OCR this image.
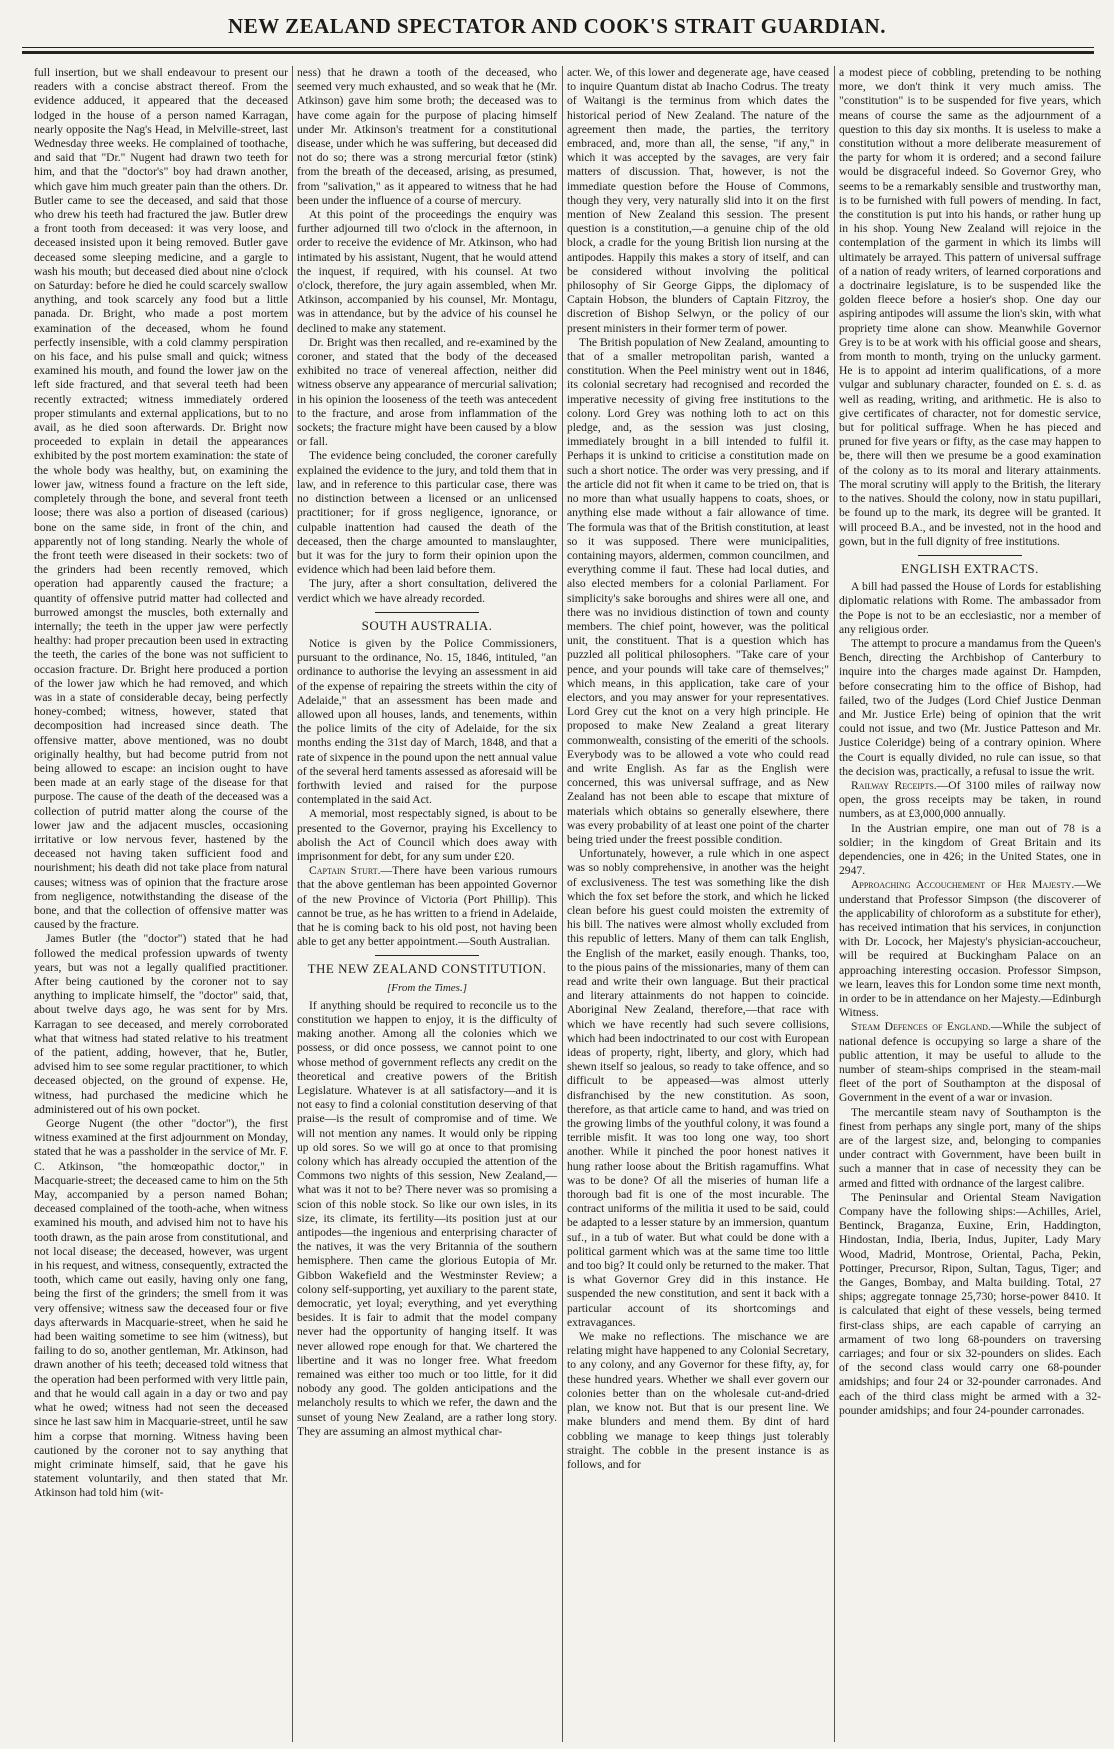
NEW ZEALAND SPECTATOR AND COOK'S STRAIT GUARDIAN.

full insertion, but we shall endeavour to present our readers with a concise abstract thereof. From the evidence adduced, it appeared that the deceased lodged in the house of a person named Karragan, nearly opposite the Nag's Head, in Melville-street, last Wednesday three weeks. He complained of toothache, and said that "Dr." Nugent had drawn two teeth for him, and that the "doctor's" boy had drawn another, which gave him much greater pain than the others. Dr. Butler came to see the deceased, and said that those who drew his teeth had fractured the jaw. Butler drew a front tooth from deceased: it was very loose, and deceased insisted upon it being removed. Butler gave deceased some sleeping medicine, and a gargle to wash his mouth; but deceased died about nine o'clock on Saturday: before he died he could scarcely swallow anything, and took scarcely any food but a little panada. Dr. Bright, who made a post mortem examination of the deceased, whom he found perfectly insensible, with a cold clammy perspiration on his face, and his pulse small and quick; witness examined his mouth, and found the lower jaw on the left side fractured, and that several teeth had been recently extracted; witness immediately ordered proper stimulants and external applications, but to no avail, as he died soon afterwards. Dr. Bright now proceeded to explain in detail the appearances exhibited by the post mortem examination: the state of the whole body was healthy, but, on examining the lower jaw, witness found a fracture on the left side, completely through the bone, and several front teeth loose; there was also a portion of diseased (carious) bone on the same side, in front of the chin, and apparently not of long standing. Nearly the whole of the front teeth were diseased in their sockets: two of the grinders had been recently removed, which operation had apparently caused the fracture; a quantity of offensive putrid matter had collected and burrowed amongst the muscles, both externally and internally; the teeth in the upper jaw were perfectly healthy: had proper precaution been used in extracting the teeth, the caries of the bone was not sufficient to occasion fracture. Dr. Bright here produced a portion of the lower jaw which he had removed, and which was in a state of considerable decay, being perfectly honey-combed; witness, however, stated that decomposition had increased since death. The offensive matter, above mentioned, was no doubt originally healthy, but had become putrid from not being allowed to escape: an incision ought to have been made at an early stage of the disease for that purpose. The cause of the death of the deceased was a collection of putrid matter along the course of the lower jaw and the adjacent muscles, occasioning irritative or low nervous fever, hastened by the deceased not having taken sufficient food and nourishment; his death did not take place from natural causes; witness was of opinion that the fracture arose from negligence, notwithstanding the disease of the bone, and that the collection of offensive matter was caused by the fracture.

James Butler (the "doctor") stated that he had followed the medical profession upwards of twenty years, but was not a legally qualified practitioner. After being cautioned by the coroner not to say anything to implicate himself, the "doctor" said, that, about twelve days ago, he was sent for by Mrs. Karragan to see deceased, and merely corroborated what that witness had stated relative to his treatment of the patient, adding, however, that he, Butler, advised him to see some regular practitioner, to which deceased objected, on the ground of expense. He, witness, had purchased the medicine which he administered out of his own pocket.

George Nugent (the other "doctor"), the first witness examined at the first adjournment on Monday, stated that he was a passholder in the service of Mr. F. C. Atkinson, "the homœopathic doctor," in Macquarie-street; the deceased came to him on the 5th May, accompanied by a person named Bohan; deceased complained of the tooth-ache, when witness examined his mouth, and advised him not to have his tooth drawn, as the pain arose from constitutional, and not local disease; the deceased, however, was urgent in his request, and witness, consequently, extracted the tooth, which came out easily, having only one fang, being the first of the grinders; the smell from it was very offensive; witness saw the deceased four or five days afterwards in Macquarie-street, when he said he had been waiting sometime to see him (witness), but failing to do so, another gentleman, Mr. Atkinson, had drawn another of his teeth; deceased told witness that the operation had been performed with very little pain, and that he would call again in a day or two and pay what he owed; witness had not seen the deceased since he last saw him in Macquarie-street, until he saw him a corpse that morning. Witness having been cautioned by the coroner not to say anything that might criminate himself, said, that he gave his statement voluntarily, and then stated that Mr. Atkinson had told him (wit-

ness) that he drawn a tooth of the deceased, who seemed very much exhausted, and so weak that he (Mr. Atkinson) gave him some broth; the deceased was to have come again for the purpose of placing himself under Mr. Atkinson's treatment for a constitutional disease, under which he was suffering, but deceased did not do so; there was a strong mercurial fœtor (stink) from the breath of the deceased, arising, as presumed, from "salivation," as it appeared to witness that he had been under the influence of a course of mercury.

At this point of the proceedings the enquiry was further adjourned till two o'clock in the afternoon, in order to receive the evidence of Mr. Atkinson, who had intimated by his assistant, Nugent, that he would attend the inquest, if required, with his counsel. At two o'clock, therefore, the jury again assembled, when Mr. Atkinson, accompanied by his counsel, Mr. Montagu, was in attendance, but by the advice of his counsel he declined to make any statement.

Dr. Bright was then recalled, and re-examined by the coroner, and stated that the body of the deceased exhibited no trace of venereal affection, neither did witness observe any appearance of mercurial salivation; in his opinion the looseness of the teeth was antecedent to the fracture, and arose from inflammation of the sockets; the fracture might have been caused by a blow or fall.

The evidence being concluded, the coroner carefully explained the evidence to the jury, and told them that in law, and in reference to this particular case, there was no distinction between a licensed or an unlicensed practitioner; for if gross negligence, ignorance, or culpable inattention had caused the death of the deceased, then the charge amounted to manslaughter, but it was for the jury to form their opinion upon the evidence which had been laid before them.

The jury, after a short consultation, delivered the verdict which we have already recorded.

SOUTH AUSTRALIA.

Notice is given by the Police Commissioners, pursuant to the ordinance, No. 15, 1846, intituled, "an ordinance to authorise the levying an assessment in aid of the expense of repairing the streets within the city of Adelaide," that an assessment has been made and allowed upon all houses, lands, and tenements, within the police limits of the city of Adelaide, for the six months ending the 31st day of March, 1848, and that a rate of sixpence in the pound upon the nett annual value of the several herd taments assessed as aforesaid will be forthwith levied and raised for the purpose contemplated in the said Act.

A memorial, most respectably signed, is about to be presented to the Governor, praying his Excellency to abolish the Act of Council which does away with imprisonment for debt, for any sum under £20.

Captain Sturt.—There have been various rumours that the above gentleman has been appointed Governor of the new Province of Victoria (Port Phillip). This cannot be true, as he has written to a friend in Adelaide, that he is coming back to his old post, not having been able to get any better appointment.—South Australian.

THE NEW ZEALAND CONSTITUTION.
[From the Times.]

If anything should be required to reconcile us to the constitution we happen to enjoy, it is the difficulty of making another. Among all the colonies which we possess, or did once possess, we cannot point to one whose method of government reflects any credit on the theoretical and creative powers of the British Legislature. Whatever is at all satisfactory—and it is not easy to find a colonial constitution deserving of that praise—is the result of compromise and of time. We will not mention any names. It would only be ripping up old sores. So we will go at once to that promising colony which has already occupied the attention of the Commons two nights of this session, New Zealand,—what was it not to be? There never was so promising a scion of this noble stock. So like our own isles, in its size, its climate, its fertility—its position just at our antipodes—the ingenious and enterprising character of the natives, it was the very Britannia of the southern hemisphere. Then came the glorious Eutopia of Mr. Gibbon Wakefield and the Westminster Review; a colony self-supporting, yet auxiliary to the parent state, democratic, yet loyal; everything, and yet everything besides. It is fair to admit that the model company never had the opportunity of hanging itself. It was never allowed rope enough for that. We chartered the libertine and it was no longer free. What freedom remained was either too much or too little, for it did nobody any good. The golden anticipations and the melancholy results to which we refer, the dawn and the sunset of young New Zealand, are a rather long story. They are assuming an almost mythical char-

acter. We, of this lower and degenerate age, have ceased to inquire Quantum distat ab Inacho Codrus. The treaty of Waitangi is the terminus from which dates the historical period of New Zealand. The nature of the agreement then made, the parties, the territory embraced, and, more than all, the sense, "if any," in which it was accepted by the savages, are very fair matters of discussion. That, however, is not the immediate question before the House of Commons, though they very, very naturally slid into it on the first mention of New Zealand this session. The present question is a constitution,—a genuine chip of the old block, a cradle for the young British lion nursing at the antipodes. Happily this makes a story of itself, and can be considered without involving the political philosophy of Sir George Gipps, the diplomacy of Captain Hobson, the blunders of Captain Fitzroy, the discretion of Bishop Selwyn, or the policy of our present ministers in their former term of power.

The British population of New Zealand, amounting to that of a smaller metropolitan parish, wanted a constitution. When the Peel ministry went out in 1846, its colonial secretary had recognised and recorded the imperative necessity of giving free institutions to the colony. Lord Grey was nothing loth to act on this pledge, and, as the session was just closing, immediately brought in a bill intended to fulfil it. Perhaps it is unkind to criticise a constitution made on such a short notice. The order was very pressing, and if the article did not fit when it came to be tried on, that is no more than what usually happens to coats, shoes, or anything else made without a fair allowance of time. The formula was that of the British constitution, at least so it was supposed. There were municipalities, containing mayors, aldermen, common councilmen, and everything comme il faut. These had local duties, and also elected members for a colonial Parliament. For simplicity's sake boroughs and shires were all one, and there was no invidious distinction of town and county members. The chief point, however, was the political unit, the constituent. That is a question which has puzzled all political philosophers. "Take care of your pence, and your pounds will take care of themselves;" which means, in this application, take care of your electors, and you may answer for your representatives. Lord Grey cut the knot on a very high principle. He proposed to make New Zealand a great literary commonwealth, consisting of the emeriti of the schools. Everybody was to be allowed a vote who could read and write English. As far as the English were concerned, this was universal suffrage, and as New Zealand has not been able to escape that mixture of materials which obtains so generally elsewhere, there was every probability of at least one point of the charter being tried under the freest possible condition.

Unfortunately, however, a rule which in one aspect was so nobly comprehensive, in another was the height of exclusiveness. The test was something like the dish which the fox set before the stork, and which he licked clean before his guest could moisten the extremity of his bill. The natives were almost wholly excluded from this republic of letters. Many of them can talk English, the English of the market, easily enough. Thanks, too, to the pious pains of the missionaries, many of them can read and write their own language. But their practical and literary attainments do not happen to coincide. Aboriginal New Zealand, therefore,—that race with which we have recently had such severe collisions, which had been indoctrinated to our cost with European ideas of property, right, liberty, and glory, which had shewn itself so jealous, so ready to take offence, and so difficult to be appeased—was almost utterly disfranchised by the new constitution. As soon, therefore, as that article came to hand, and was tried on the growing limbs of the youthful colony, it was found a terrible misfit. It was too long one way, too short another. While it pinched the poor honest natives it hung rather loose about the British ragamuffins. What was to be done? Of all the miseries of human life a thorough bad fit is one of the most incurable. The contract uniforms of the militia it used to be said, could be adapted to a lesser stature by an immersion, quantum suf., in a tub of water. But what could be done with a political garment which was at the same time too little and too big? It could only be returned to the maker. That is what Governor Grey did in this instance. He suspended the new constitution, and sent it back with a particular account of its shortcomings and extravagances.

We make no reflections. The mischance we are relating might have happened to any Colonial Secretary, to any colony, and any Governor for these fifty, ay, for these hundred years. Whether we shall ever govern our colonies better than on the wholesale cut-and-dried plan, we know not. But that is our present line. We make blunders and mend them. By dint of hard cobbling we manage to keep things just tolerably straight. The cobble in the present instance is as follows, and for

a modest piece of cobbling, pretending to be nothing more, we don't think it very much amiss. The "constitution" is to be suspended for five years, which means of course the same as the adjournment of a question to this day six months. It is useless to make a constitution without a more deliberate measurement of the party for whom it is ordered; and a second failure would be disgraceful indeed. So Governor Grey, who seems to be a remarkably sensible and trustworthy man, is to be furnished with full powers of mending. In fact, the constitution is put into his hands, or rather hung up in his shop. Young New Zealand will rejoice in the contemplation of the garment in which its limbs will ultimately be arrayed. This pattern of universal suffrage of a nation of ready writers, of learned corporations and a doctrinaire legislature, is to be suspended like the golden fleece before a hosier's shop. One day our aspiring antipodes will assume the lion's skin, with what propriety time alone can show. Meanwhile Governor Grey is to be at work with his official goose and shears, from month to month, trying on the unlucky garment. He is to appoint ad interim qualifications, of a more vulgar and sublunary character, founded on £. s. d. as well as reading, writing, and arithmetic. He is also to give certificates of character, not for domestic service, but for political suffrage. When he has pieced and pruned for five years or fifty, as the case may happen to be, there will then we presume be a good examination of the colony as to its moral and literary attainments. The moral scrutiny will apply to the British, the literary to the natives. Should the colony, now in statu pupillari, be found up to the mark, its degree will be granted. It will proceed B.A., and be invested, not in the hood and gown, but in the full dignity of free institutions.

ENGLISH EXTRACTS.

A bill had passed the House of Lords for establishing diplomatic relations with Rome. The ambassador from the Pope is not to be an ecclesiastic, nor a member of any religious order.

The attempt to procure a mandamus from the Queen's Bench, directing the Archbishop of Canterbury to inquire into the charges made against Dr. Hampden, before consecrating him to the office of Bishop, had failed, two of the Judges (Lord Chief Justice Denman and Mr. Justice Erle) being of opinion that the writ could not issue, and two (Mr. Justice Patteson and Mr. Justice Coleridge) being of a contrary opinion. Where the Court is equally divided, no rule can issue, so that the decision was, practically, a refusal to issue the writ.

Railway Receipts.—Of 3100 miles of railway now open, the gross receipts may be taken, in round numbers, as at £3,000,000 annually.

In the Austrian empire, one man out of 78 is a soldier; in the kingdom of Great Britain and its dependencies, one in 426; in the United States, one in 2947.

Approaching Accouchement of Her Majesty.—We understand that Professor Simpson (the discoverer of the applicability of chloroform as a substitute for ether), has received intimation that his services, in conjunction with Dr. Locock, her Majesty's physician-accoucheur, will be required at Buckingham Palace on an approaching interesting occasion. Professor Simpson, we learn, leaves this for London some time next month, in order to be in attendance on her Majesty.—Edinburgh Witness.

Steam Defences of England.—While the subject of national defence is occupying so large a share of the public attention, it may be useful to allude to the number of steam-ships comprised in the steam-mail fleet of the port of Southampton at the disposal of Government in the event of a war or invasion.

The mercantile steam navy of Southampton is the finest from perhaps any single port, many of the ships are of the largest size, and, belonging to companies under contract with Government, have been built in such a manner that in case of necessity they can be armed and fitted with ordnance of the largest calibre.

The Peninsular and Oriental Steam Navigation Company have the following ships:—Achilles, Ariel, Bentinck, Braganza, Euxine, Erin, Haddington, Hindostan, India, Iberia, Indus, Jupiter, Lady Mary Wood, Madrid, Montrose, Oriental, Pacha, Pekin, Pottinger, Precursor, Ripon, Sultan, Tagus, Tiger; and the Ganges, Bombay, and Malta building. Total, 27 ships; aggregate tonnage 25,730; horse-power 8410. It is calculated that eight of these vessels, being termed first-class ships, are each capable of carrying an armament of two long 68-pounders on traversing carriages; and four or six 32-pounders on slides. Each of the second class would carry one 68-pounder amidships; and four 24 or 32-pounder carronades. And each of the third class might be armed with a 32-pounder amidships; and four 24-pounder carronades.
